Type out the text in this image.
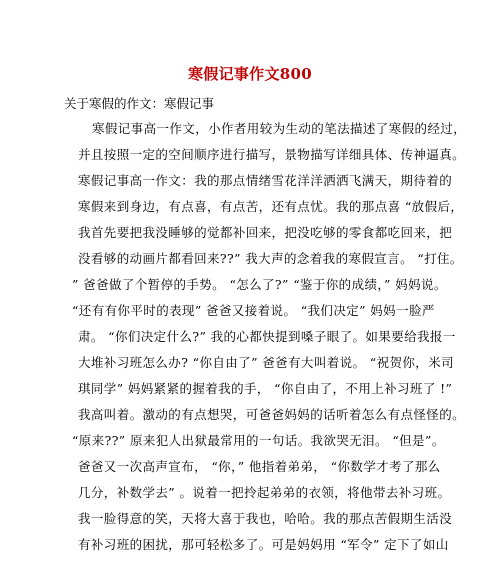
寒假记事作文800
关于寒假的作文：寒假记事
寒假记事高一作文，小作者用较为生动的笔法描述了寒假的经过，
并且按照一定的空间顺序进行描写，景物描写详细具体、传神逼真。
寒假记事高一作文：我的那点情绪雪花洋洋洒洒飞满天，期待着的
寒假来到身边，有点喜，有点苦，还有点忧。我的那点喜 “放假后，
我首先要把我没睡够的觉都补回来，把没吃够的零食都吃回来，把
没看够的动画片都看回来??” 我大声的念着我的寒假宣言。 “打住。
” 爸爸做了个暂停的手势。 “怎么了?” “鉴于你的成绩，” 妈妈说。
“还有有你平时的表现” 爸爸又接着说。 “我们决定” 妈妈一脸严
肃。 “你们决定什么?” 我的心都快提到嗓子眼了。如果要给我报一
大堆补习班怎么办? “你自由了” 爸爸有大叫着说。 “祝贺你，米司
琪同学” 妈妈紧紧的握着我的手， “你自由了，不用上补习班了 !”
我高叫着。激动的有点想哭，可爸爸妈妈的话听着怎么有点怪怪的。
“原来??” 原来犯人出狱最常用的一句话。我欲哭无泪。 “但是”。
爸爸又一次高声宣布， “你，” 他指着弟弟， “你数学才考了那么
几分，补数学去” 。说着一把拎起弟弟的衣领，将他带去补习班。
我一脸得意的笑，天将大喜于我也，哈哈。我的那点苦假期生活没
有补习班的困扰，那可轻松多了。可是妈妈用 “军令” 定下了如山
